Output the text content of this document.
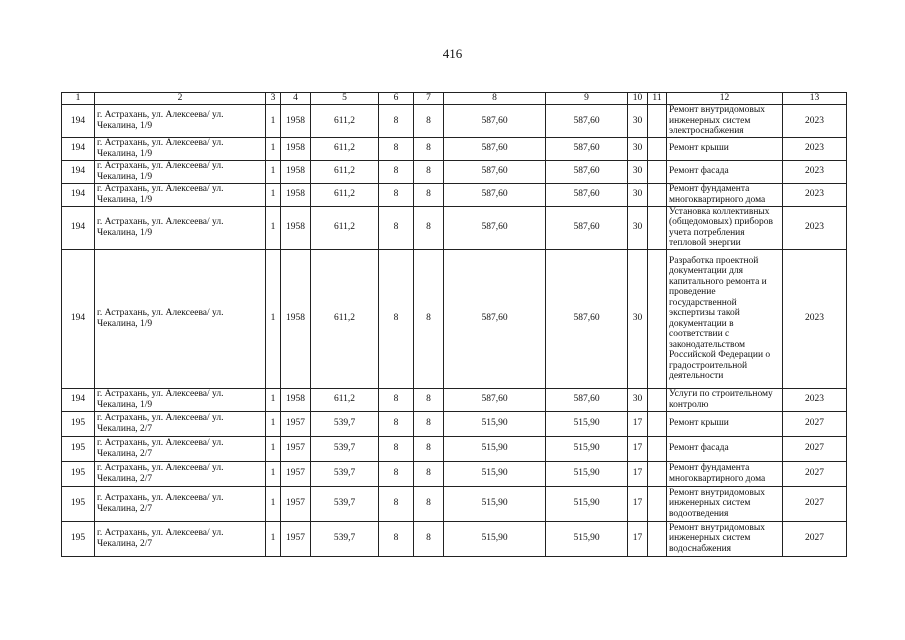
416
1	2	3	4	5	6	7	8	9	10	11	12	13
194	г. Астрахань, ул. Алексеева/ ул. Чекалина, 1/9	1	1958	611,2	8	8	587,60	587,60	30		Ремонт внутридомовых инженерных систем электроснабжения	2023
194	г. Астрахань, ул. Алексеева/ ул. Чекалина, 1/9	1	1958	611,2	8	8	587,60	587,60	30		Ремонт крыши	2023
194	г. Астрахань, ул. Алексеева/ ул. Чекалина, 1/9	1	1958	611,2	8	8	587,60	587,60	30		Ремонт фасада	2023
194	г. Астрахань, ул. Алексеева/ ул. Чекалина, 1/9	1	1958	611,2	8	8	587,60	587,60	30		Ремонт фундамента многоквартирного дома	2023
194	г. Астрахань, ул. Алексеева/ ул. Чекалина, 1/9	1	1958	611,2	8	8	587,60	587,60	30		Установка коллективных (общедомовых) приборов учета потребления тепловой энергии	2023
194	г. Астрахань, ул. Алексеева/ ул. Чекалина, 1/9	1	1958	611,2	8	8	587,60	587,60	30		Разработка проектной документации для капитального ремонта и проведение государственной экспертизы такой документации в соответствии с законодательством Российской Федерации о градостроительной деятельности	2023
194	г. Астрахань, ул. Алексеева/ ул. Чекалина, 1/9	1	1958	611,2	8	8	587,60	587,60	30		Услуги по строительному контролю	2023
195	г. Астрахань, ул. Алексеева/ ул. Чекалина, 2/7	1	1957	539,7	8	8	515,90	515,90	17		Ремонт крыши	2027
195	г. Астрахань, ул. Алексеева/ ул. Чекалина, 2/7	1	1957	539,7	8	8	515,90	515,90	17		Ремонт фасада	2027
195	г. Астрахань, ул. Алексеева/ ул. Чекалина, 2/7	1	1957	539,7	8	8	515,90	515,90	17		Ремонт фундамента многоквартирного дома	2027
195	г. Астрахань, ул. Алексеева/ ул. Чекалина, 2/7	1	1957	539,7	8	8	515,90	515,90	17		Ремонт внутридомовых инженерных систем водоотведения	2027
195	г. Астрахань, ул. Алексеева/ ул. Чекалина, 2/7	1	1957	539,7	8	8	515,90	515,90	17		Ремонт внутридомовых инженерных систем водоснабжения	2027
